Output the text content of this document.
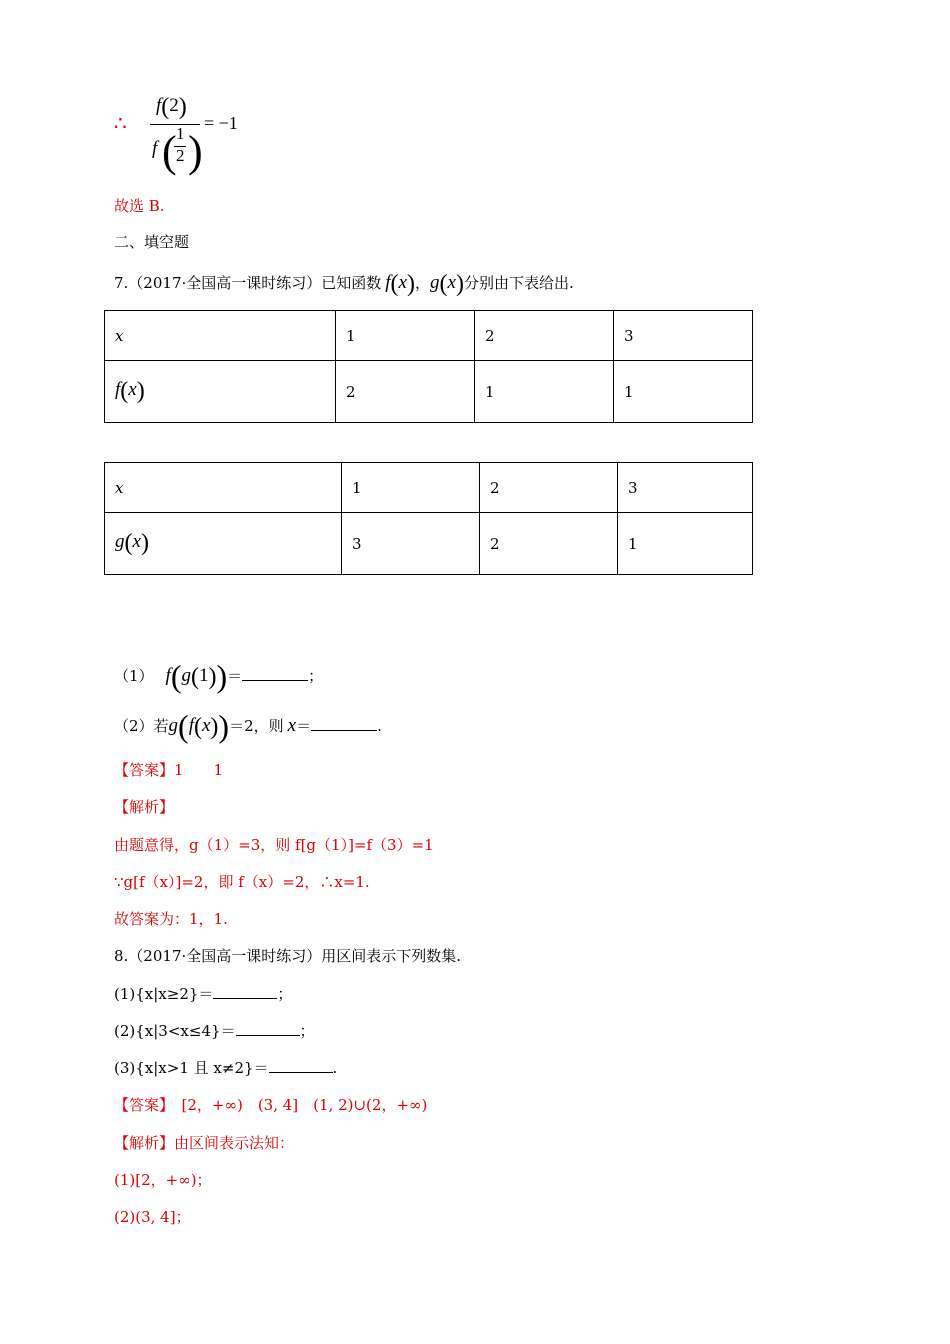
∴
f(2)
f ( 1
2 )
= −1
故选 B.
二、填空题
7.（2017·全国高一课时练习）已知函数 f(x)，g(x)分别由下表给出.
x	1	2	3
f(x)	2	1	1
x	1	2	3
g(x)	3	2	1
（1） f(g(1))＝	；
（2）若g(f(x))＝2，则 x＝	.
【答案】1　　1
【解析】
由题意得，g（1）=3，则 f[g（1）]=f（3）=1
∵g[f（x）]=2，即 f（x）=2，∴x=1.
故答案为：1，1.
8.（2017·全国高一课时练习）用区间表示下列数集.
(1){x|x≥2}＝	；
(2){x|3<x≤4}＝	；
(3){x|x>1 且 x≠2}＝	.
【答案】　[2，+∞)　(3, 4]　(1, 2)∪(2，+∞)
【解析】由区间表示法知：
(1)[2，+∞)；
(2)(3, 4]；
